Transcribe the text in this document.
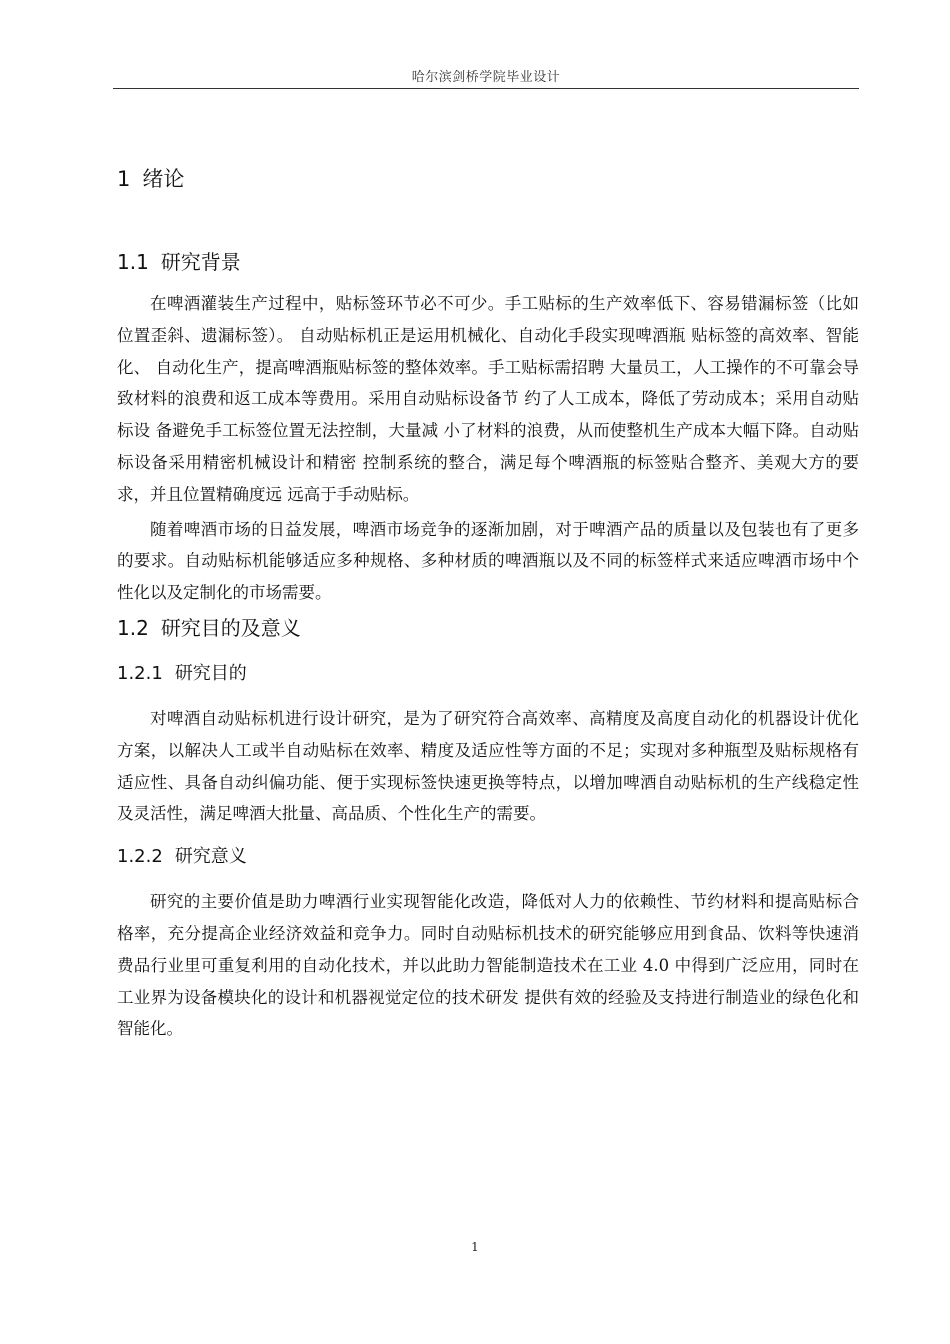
哈尔滨剑桥学院毕业设计
1 绪论
1.1 研究背景

在啤酒灌装生产过程中，贴标签环节必不可少。手工贴标的生产效率低下、容易错漏标签（比如位置歪斜、遗漏标签）。 自动贴标机正是运用机械化、自动化手段实现啤酒瓶 贴标签的高效率、智能化、 自动化生产，提高啤酒瓶贴标签的整体效率。手工贴标需招聘 大量员工，人工操作的不可靠会导致材料的浪费和返工成本等费用。采用自动贴标设备节 约了人工成本，降低了劳动成本；采用自动贴标设 备避免手工标签位置无法控制，大量减 小了材料的浪费，从而使整机生产成本大幅下降。自动贴标设备采用精密机械设计和精密 控制系统的整合，满足每个啤酒瓶的标签贴合整齐、美观大方的要求，并且位置精确度远 远高于手动贴标。

随着啤酒市场的日益发展，啤酒市场竞争的逐渐加剧，对于啤酒产品的质量以及包装也有了更多的要求。自动贴标机能够适应多种规格、多种材质的啤酒瓶以及不同的标签样式来适应啤酒市场中个性化以及定制化的市场需要。

1.2 研究目的及意义
1.2.1 研究目的

对啤酒自动贴标机进行设计研究，是为了研究符合高效率、高精度及高度自动化的机器设计优化方案，以解决人工或半自动贴标在效率、精度及适应性等方面的不足；实现对多种瓶型及贴标规格有适应性、具备自动纠偏功能、便于实现标签快速更换等特点，以增加啤酒自动贴标机的生产线稳定性及灵活性，满足啤酒大批量、高品质、个性化生产的需要。

1.2.2 研究意义

研究的主要价值是助力啤酒行业实现智能化改造，降低对人力的依赖性、节约材料和提高贴标合格率，充分提高企业经济效益和竞争力。同时自动贴标机技术的研究能够应用到食品、饮料等快速消费品行业里可重复利用的自动化技术，并以此助力智能制造技术在工业 4.0 中得到广泛应用，同时在工业界为设备模块化的设计和机器视觉定位的技术研发 提供有效的经验及支持进行制造业的绿色化和智能化。

1
